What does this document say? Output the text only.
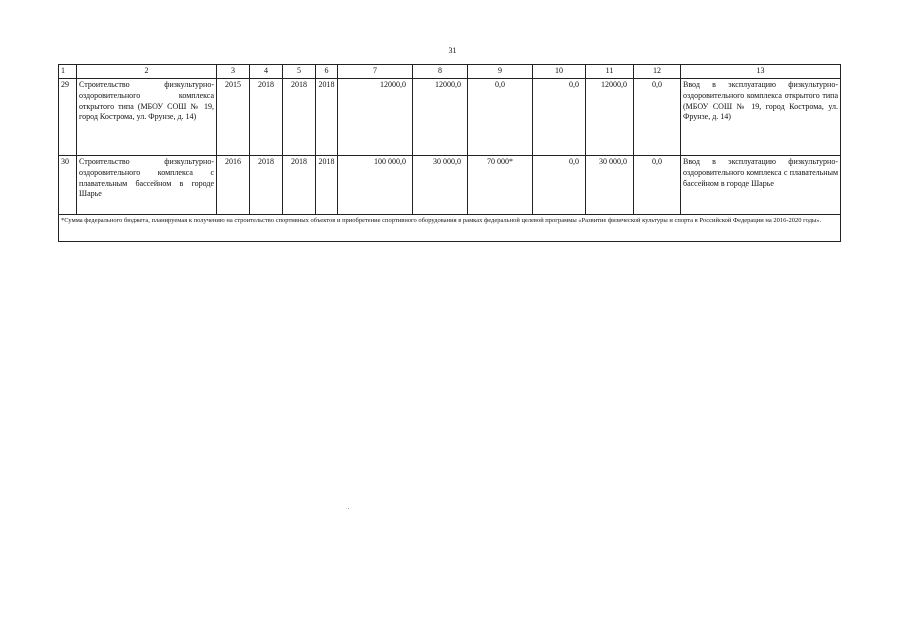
31
1	2	3	4	5	6	7	8	9	10	11	12	13
29	Строительство физкультурно-оздоровительного комплекса открытого типа (МБОУ СОШ № 19, город Кострома, ул. Фрунзе, д. 14)	2015	2018	2018	2018	12000,0	12000,0	0,0	0,0	12000,0	0,0	Ввод в эксплуатацию физкультурно-оздоровительного комплекса открытого типа (МБОУ СОШ № 19, город Кострома, ул. Фрунзе, д. 14)
30	Строительство физкультурно-оздоровительного комплекса с плавательным бассейном в городе Шарье	2016	2018	2018	2018	100 000,0	30 000,0	70 000*	0,0	30 000,0	0,0	Ввод в эксплуатацию физкультурно-оздоровительного комплекса с плавательным бассейном в городе Шарье
*Сумма федерального бюджета, планируемая к получению на строительство спортивных объектов и приобретение спортивного оборудования в рамках федеральной целевой программы «Развитие физической культуры и спорта в Российской Федерации на 2016-2020 годы».												
